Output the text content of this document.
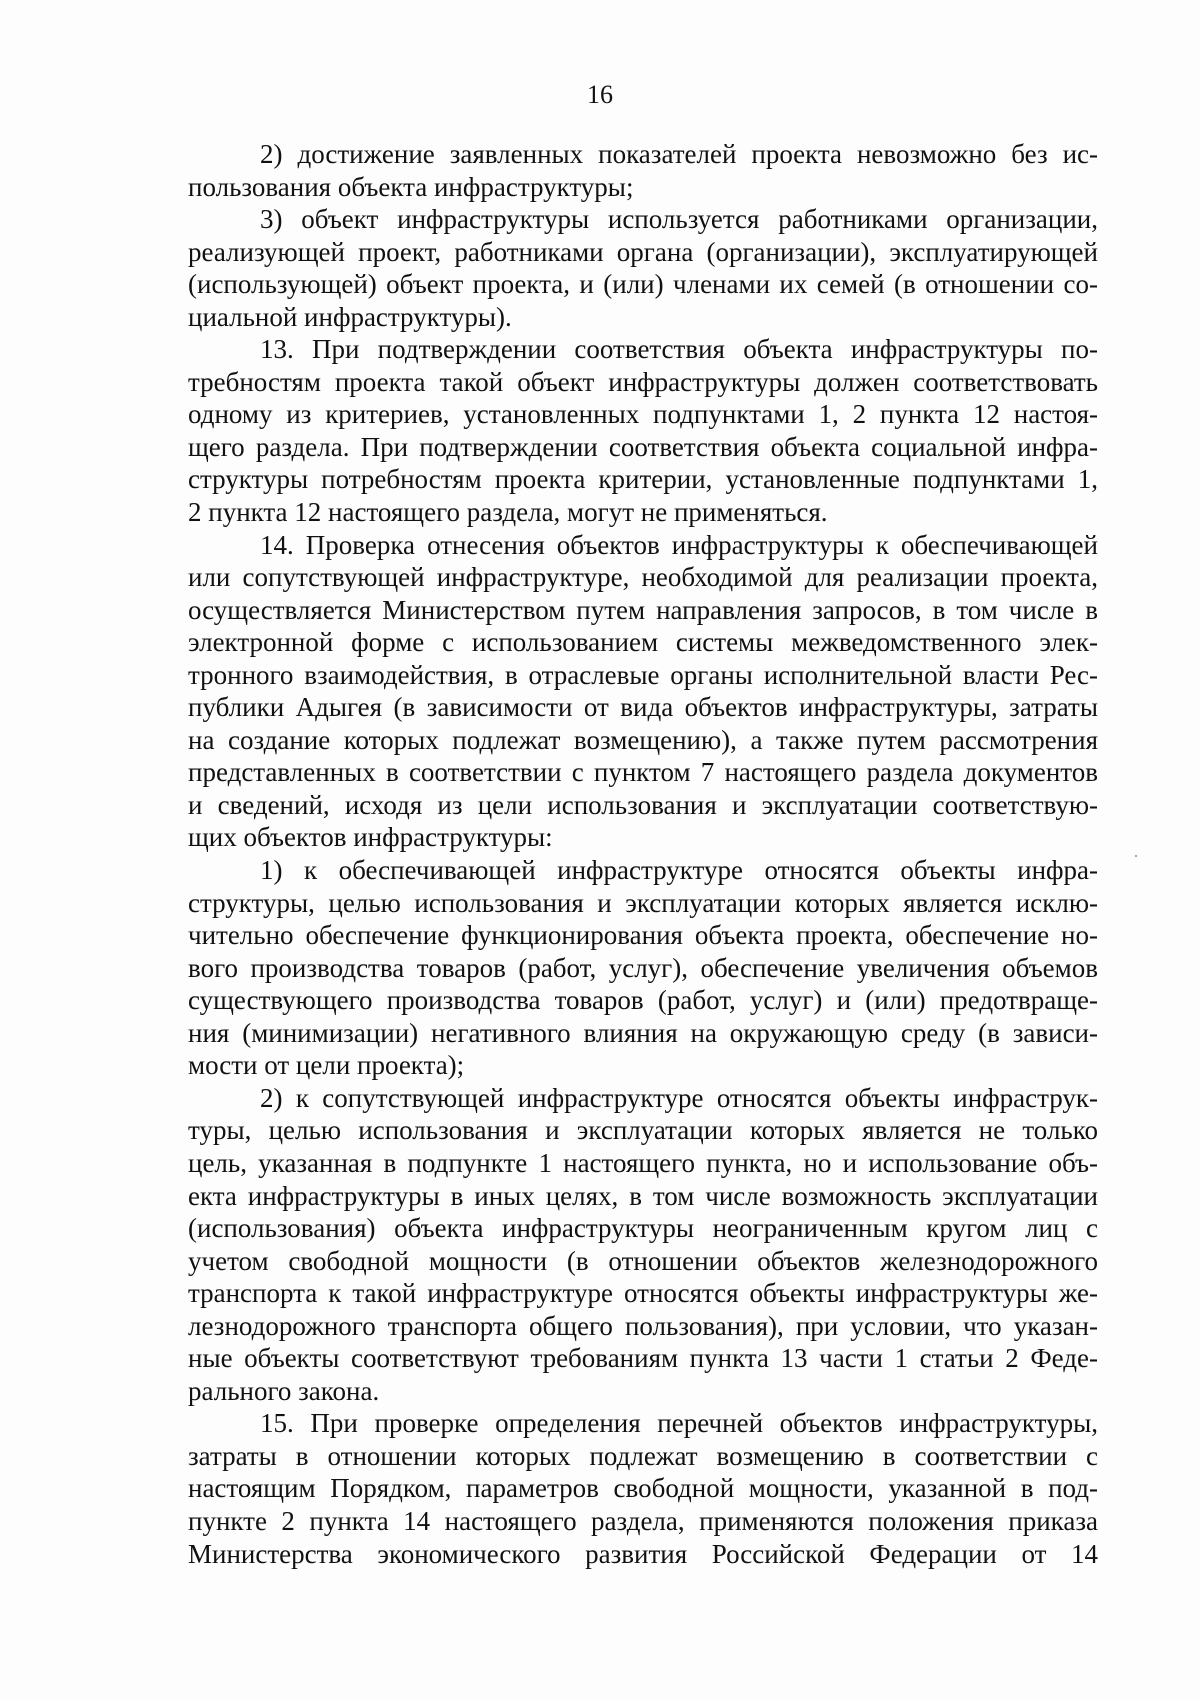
16
2) достижение заявленных показателей проекта невозможно без ис-
пользования объекта инфраструктуры;
3) объект инфраструктуры используется работниками организации,
реализующей проект, работниками органа (организации), эксплуатирующей
(использующей) объект проекта, и (или) членами их семей (в отношении со-
циальной инфраструктуры).
13. При подтверждении соответствия объекта инфраструктуры по-
требностям проекта такой объект инфраструктуры должен соответствовать
одному из критериев, установленных подпунктами 1, 2 пункта 12 настоя-
щего раздела. При подтверждении соответствия объекта социальной инфра-
структуры потребностям проекта критерии, установленные подпунктами 1,
2 пункта 12 настоящего раздела, могут не применяться.
14. Проверка отнесения объектов инфраструктуры к обеспечивающей
или сопутствующей инфраструктуре, необходимой для реализации проекта,
осуществляется Министерством путем направления запросов, в том числе в
электронной форме с использованием системы межведомственного элек-
тронного взаимодействия, в отраслевые органы исполнительной власти Рес-
публики Адыгея (в зависимости от вида объектов инфраструктуры, затраты
на создание которых подлежат возмещению), а также путем рассмотрения
представленных в соответствии с пунктом 7 настоящего раздела документов
и сведений, исходя из цели использования и эксплуатации соответствую-
щих объектов инфраструктуры:
1) к обеспечивающей инфраструктуре относятся объекты инфра-
структуры, целью использования и эксплуатации которых является исклю-
чительно обеспечение функционирования объекта проекта, обеспечение но-
вого производства товаров (работ, услуг), обеспечение увеличения объемов
существующего производства товаров (работ, услуг) и (или) предотвраще-
ния (минимизации) негативного влияния на окружающую среду (в зависи-
мости от цели проекта);
2) к сопутствующей инфраструктуре относятся объекты инфраструк-
туры, целью использования и эксплуатации которых является не только
цель, указанная в подпункте 1 настоящего пункта, но и использование объ-
екта инфраструктуры в иных целях, в том числе возможность эксплуатации
(использования) объекта инфраструктуры неограниченным кругом лиц с
учетом свободной мощности (в отношении объектов железнодорожного
транспорта к такой инфраструктуре относятся объекты инфраструктуры же-
лезнодорожного транспорта общего пользования), при условии, что указан-
ные объекты соответствуют требованиям пункта 13 части 1 статьи 2 Феде-
рального закона.
15. При проверке определения перечней объектов инфраструктуры,
затраты в отношении которых подлежат возмещению в соответствии с
настоящим Порядком, параметров свободной мощности, указанной в под-
пункте 2 пункта 14 настоящего раздела, применяются положения приказа
Министерства экономического развития Российской Федерации от 14
